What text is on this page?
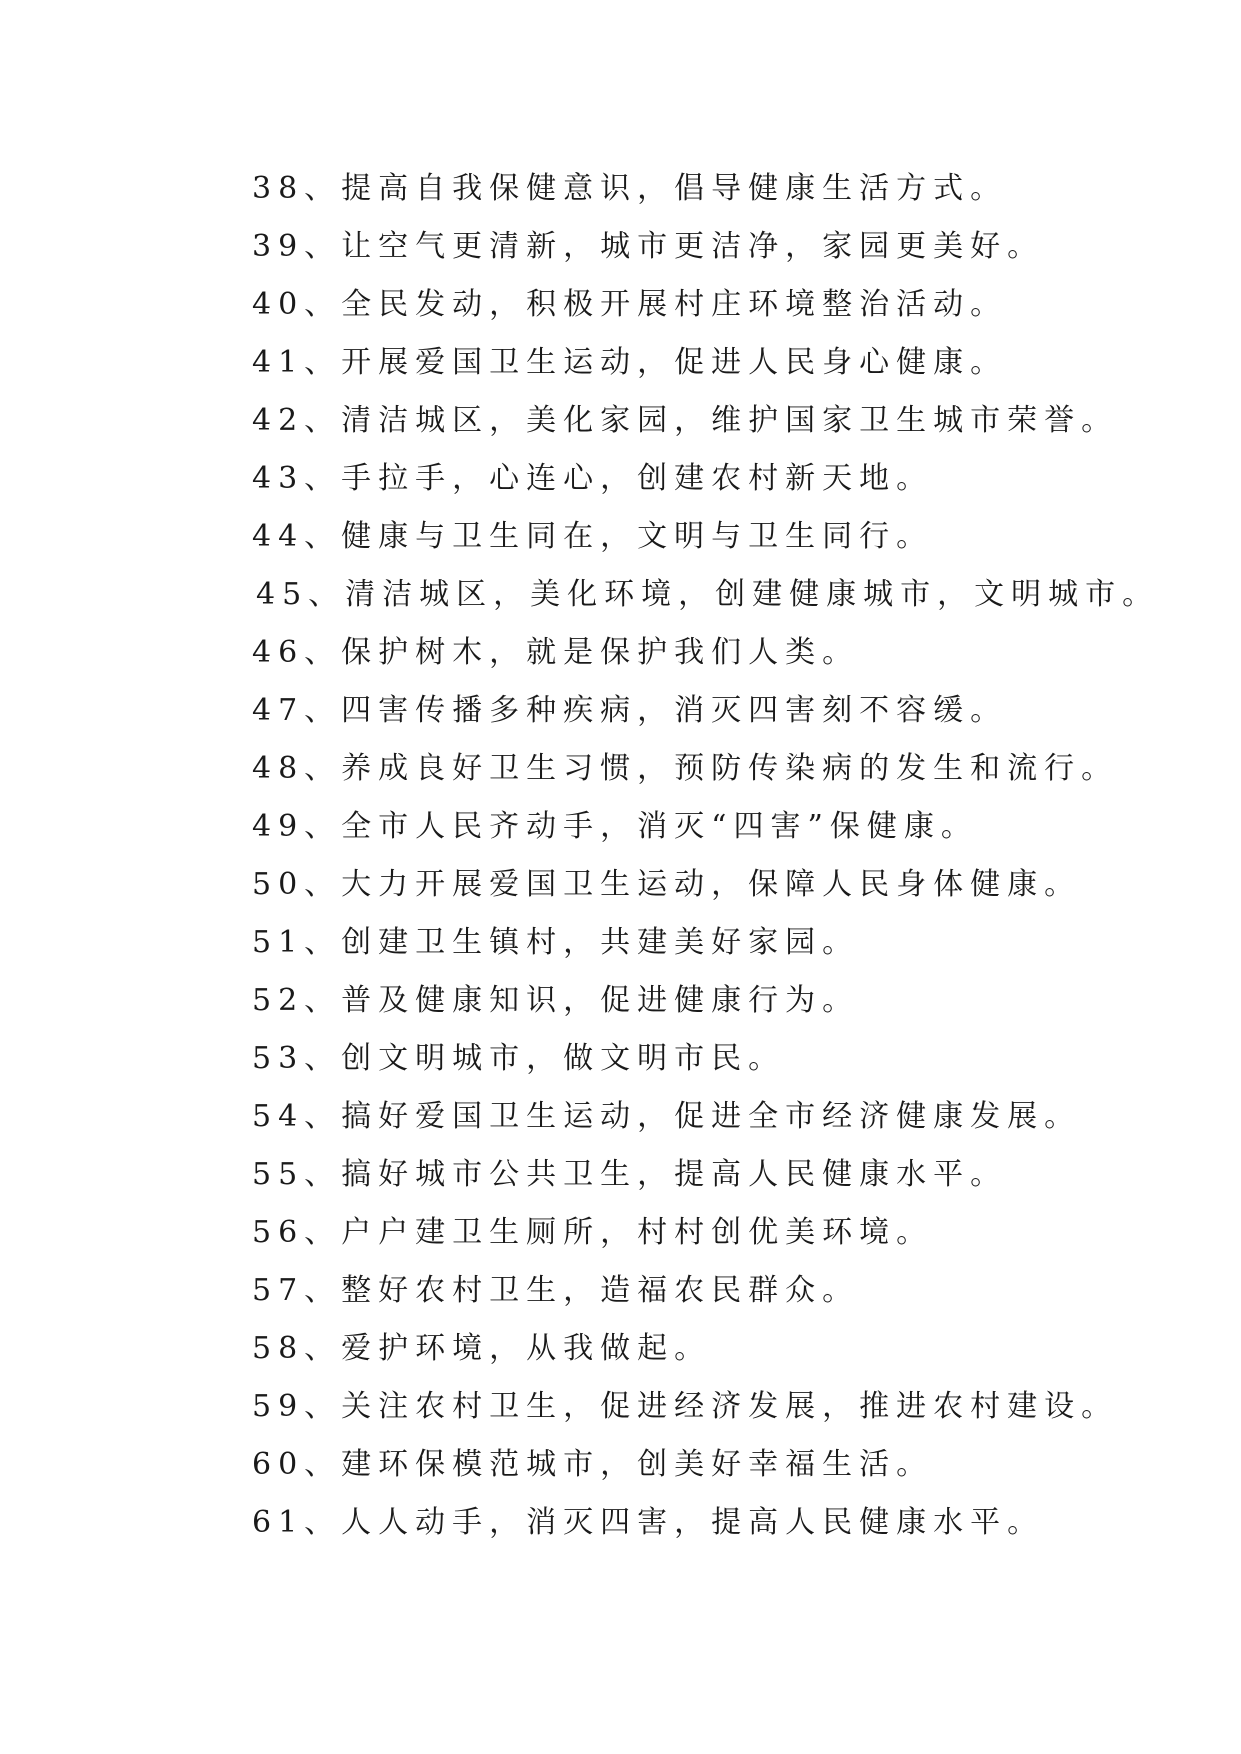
38、提高自我保健意识，倡导健康生活方式。
39、让空气更清新，城市更洁净，家园更美好。
40、全民发动，积极开展村庄环境整治活动。
41、开展爱国卫生运动，促进人民身心健康。
42、清洁城区，美化家园，维护国家卫生城市荣誉。
43、手拉手，心连心，创建农村新天地。
44、健康与卫生同在，文明与卫生同行。
45、清洁城区，美化环境，创建健康城市，文明城市。
46、保护树木，就是保护我们人类。
47、四害传播多种疾病，消灭四害刻不容缓。
48、养成良好卫生习惯，预防传染病的发生和流行。
49、全市人民齐动手，消灭“四害”保健康。
50、大力开展爱国卫生运动，保障人民身体健康。
51、创建卫生镇村，共建美好家园。
52、普及健康知识，促进健康行为。
53、创文明城市，做文明市民。
54、搞好爱国卫生运动，促进全市经济健康发展。
55、搞好城市公共卫生，提高人民健康水平。
56、户户建卫生厕所，村村创优美环境。
57、整好农村卫生，造福农民群众。
58、爱护环境，从我做起。
59、关注农村卫生，促进经济发展，推进农村建设。
60、建环保模范城市，创美好幸福生活。
61、人人动手，消灭四害，提高人民健康水平。
